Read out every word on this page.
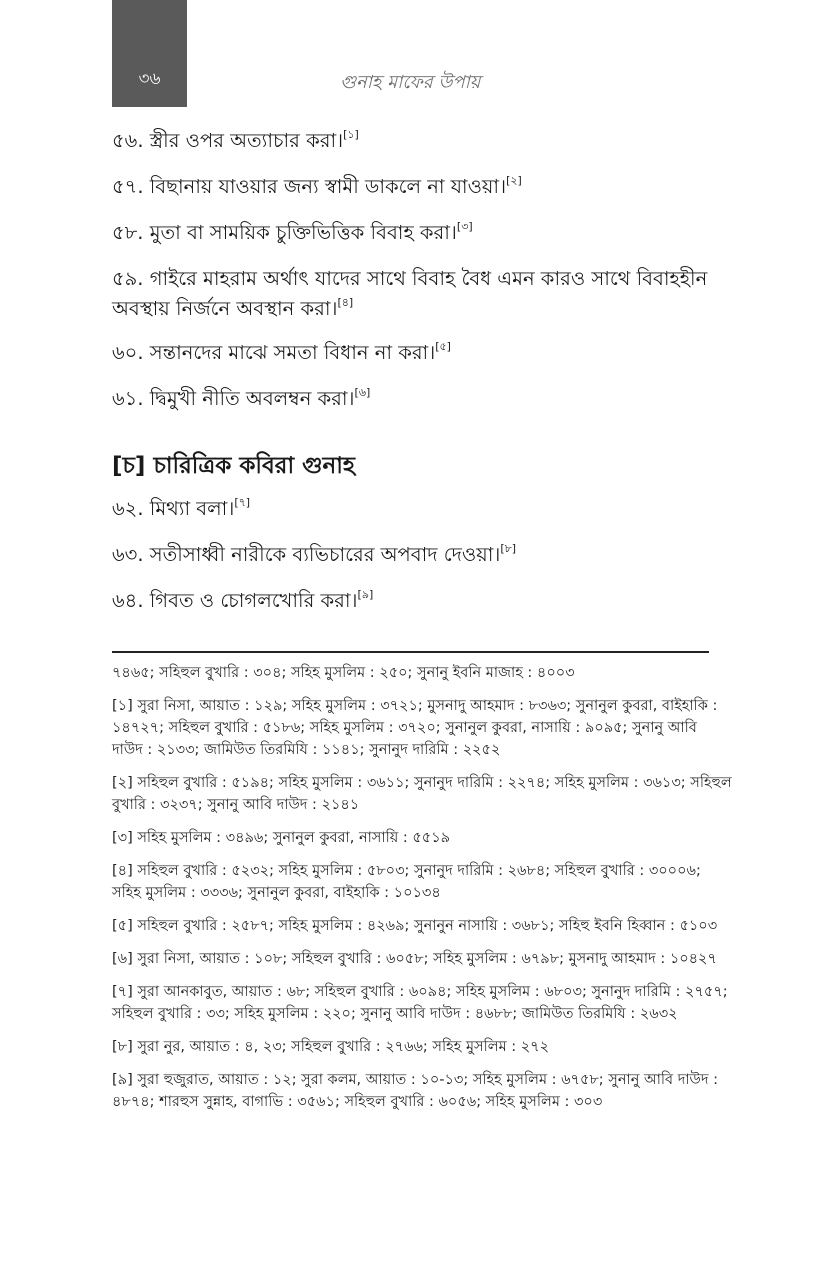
৩৬	গুনাহ মাফের উপায়

৫৬. স্ত্রীর ওপর অত্যাচার করা।[১]

৫৭. বিছানায় যাওয়ার জন্য স্বামী ডাকলে না যাওয়া।[২]

৫৮. মুতা বা সাময়িক চুক্তিভিত্তিক বিবাহ করা।[৩]

৫৯. গাইরে মাহরাম অর্থাৎ যাদের সাথে বিবাহ বৈধ এমন কারও সাথে বিবাহহীন অবস্থায় নির্জনে অবস্থান করা।[৪]

৬০. সন্তানদের মাঝে সমতা বিধান না করা।[৫]

৬১. দ্বিমুখী নীতি অবলম্বন করা।[৬]

[চ] চারিত্রিক কবিরা গুনাহ

৬২. মিথ্যা বলা।[৭]

৬৩. সতীসাধ্বী নারীকে ব্যভিচারের অপবাদ দেওয়া।[৮]

৬৪. গিবত ও চোগলখোরি করা।[৯]

৭৪৬৫; সহিহুল বুখারি : ৩০৪; সহিহ মুসলিম : ২৫০; সুনানু ইবনি মাজাহ : ৪০০৩

[১] সুরা নিসা, আয়াত : ১২৯; সহিহ মুসলিম : ৩৭২১; মুসনাদু আহমাদ : ৮৩৬৩; সুনানুল কুবরা, বাইহাকি : ১৪৭২৭; সহিহুল বুখারি : ৫১৮৬; সহিহ মুসলিম : ৩৭২০; সুনানুল কুবরা, নাসায়ি : ৯০৯৫; সুনানু আবি দাউদ : ২১৩৩; জামিউত তিরমিযি : ১১৪১; সুনানুদ দারিমি : ২২৫২

[২] সহিহুল বুখারি : ৫১৯৪; সহিহ মুসলিম : ৩৬১১; সুনানুদ দারিমি : ২২৭৪; সহিহ মুসলিম : ৩৬১৩; সহিহুল বুখারি : ৩২৩৭; সুনানু আবি দাউদ : ২১৪১

[৩] সহিহ মুসলিম : ৩৪৯৬; সুনানুল কুবরা, নাসায়ি : ৫৫১৯

[৪] সহিহুল বুখারি : ৫২৩২; সহিহ মুসলিম : ৫৮০৩; সুনানুদ দারিমি : ২৬৮৪; সহিহুল বুখারি : ৩০০০৬; সহিহ মুসলিম : ৩৩৩৬; সুনানুল কুবরা, বাইহাকি : ১০১৩৪

[৫] সহিহুল বুখারি : ২৫৮৭; সহিহ মুসলিম : ৪২৬৯; সুনানুন নাসায়ি : ৩৬৮১; সহিহু ইবনি হিব্বান : ৫১০৩

[৬] সুরা নিসা, আয়াত : ১০৮; সহিহুল বুখারি : ৬০৫৮; সহিহ মুসলিম : ৬৭৯৮; মুসনাদু আহমাদ : ১০৪২৭

[৭] সুরা আনকাবুত, আয়াত : ৬৮; সহিহুল বুখারি : ৬০৯৪; সহিহ মুসলিম : ৬৮০৩; সুনানুদ দারিমি : ২৭৫৭; সহিহুল বুখারি : ৩৩; সহিহ মুসলিম : ২২০; সুনানু আবি দাউদ : ৪৬৮৮; জামিউত তিরমিযি : ২৬৩২

[৮] সুরা নুর, আয়াত : ৪, ২৩; সহিহুল বুখারি : ২৭৬৬; সহিহ মুসলিম : ২৭২

[৯] সুরা হুজুরাত, আয়াত : ১২; সুরা কলম, আয়াত : ১০-১৩; সহিহ মুসলিম : ৬৭৫৮; সুনানু আবি দাউদ : ৪৮৭৪; শারহুস সুন্নাহ, বাগাভি : ৩৫৬১; সহিহুল বুখারি : ৬০৫৬; সহিহ মুসলিম : ৩০৩
